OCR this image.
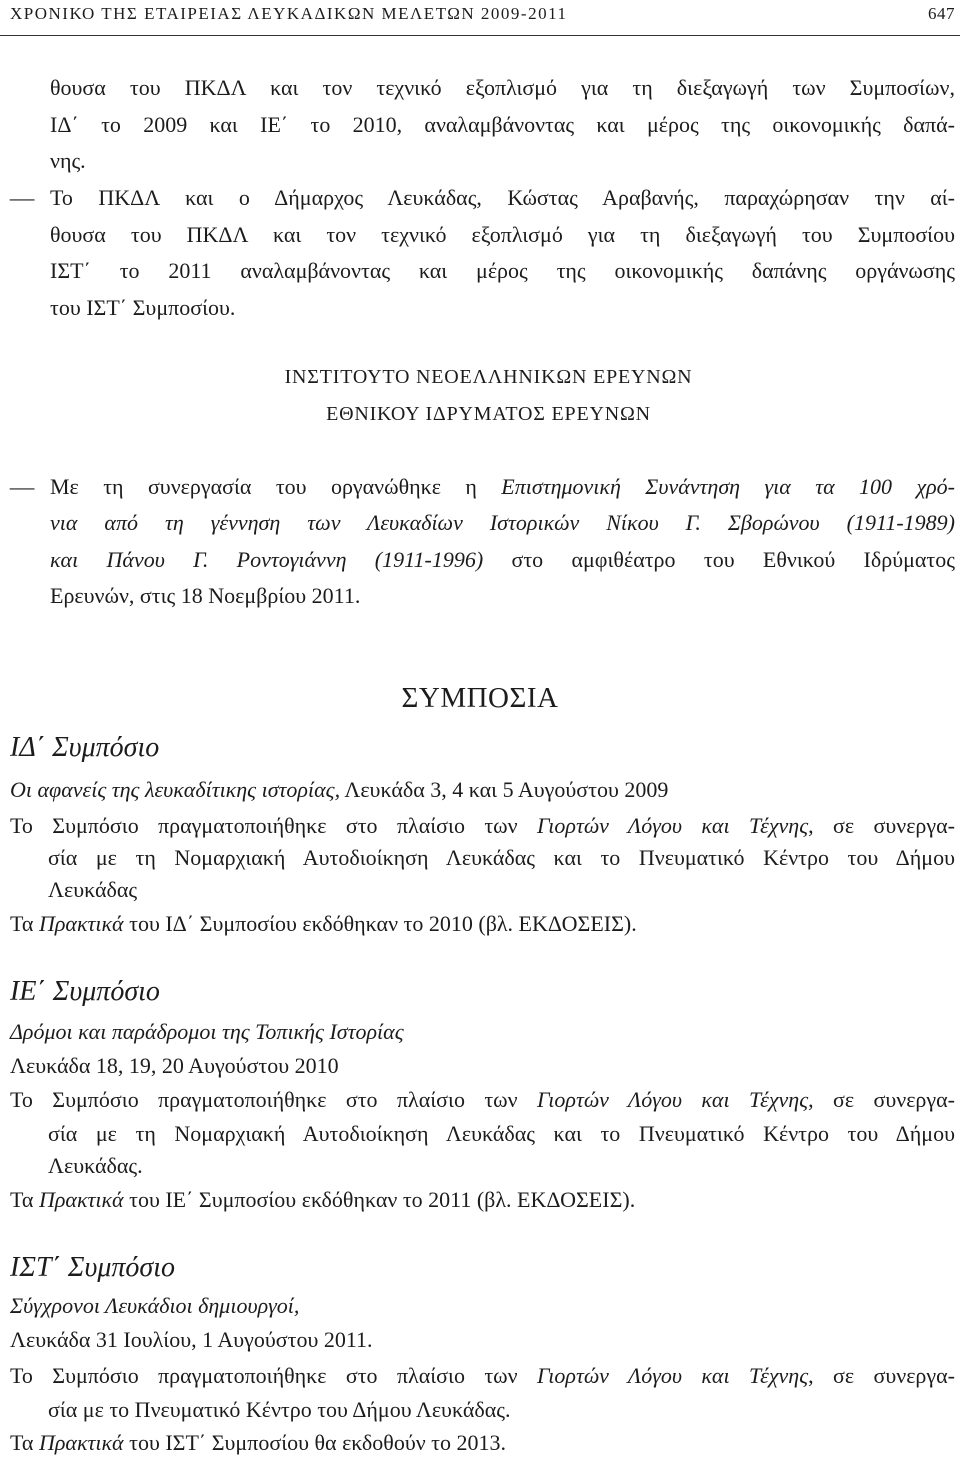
ΧΡΟΝΙΚΟ ΤΗΣ ΕΤΑΙΡΕΙΑΣ ΛΕΥΚΑΔΙΚΩΝ ΜΕΛΕΤΩΝ 2009-2011	647
θουσα του ΠΚΔΛ και τον τεχνικό εξοπλισμό για τη διεξαγωγή των Συμποσίων,
ΙΔ΄ το 2009 και ΙΕ΄ το 2010, αναλαμβάνοντας και μέρος της οικονομικής δαπά-
νης.
– Το ΠΚΔΛ και ο Δήμαρχος Λευκάδας, Κώστας Αραβανής, παραχώρησαν την αί-
θουσα του ΠΚΔΛ και τον τεχνικό εξοπλισμό για τη διεξαγωγή του Συμποσίου
ΙΣΤ΄ το 2011 αναλαμβάνοντας και μέρος της οικονομικής δαπάνης οργάνωσης
του ΙΣΤ΄ Συμποσίου.
ΙΝΣΤΙΤΟΥΤΟ ΝΕΟΕΛΛΗΝΙΚΩΝ ΕΡΕΥΝΩΝ
ΕΘΝΙΚΟΥ ΙΔΡΥΜΑΤΟΣ ΕΡΕΥΝΩΝ
– Με τη συνεργασία του οργανώθηκε η Επιστημονική Συνάντηση για τα 100 χρό-
νια από τη γέννηση των Λευκαδίων Ιστορικών Νίκου Γ. Σβορώνου (1911-1989)
και Πάνου Γ. Ροντογιάννη (1911-1996) στο αμφιθέατρο του Εθνικού Ιδρύματος
Ερευνών, στις 18 Νοεμβρίου 2011.
ΣΥΜΠΟΣΙΑ
ΙΔ΄ Συμπόσιο
Οι αφανείς της λευκαδίτικης ιστορίας, Λευκάδα 3, 4 και 5 Αυγούστου 2009
Το Συμπόσιο πραγματοποιήθηκε στο πλαίσιο των Γιορτών Λόγου και Τέχνης, σε συνεργα-
σία με τη Νομαρχιακή Αυτοδιοίκηση Λευκάδας και το Πνευματικό Κέντρο του Δήμου
Λευκάδας
Τα Πρακτικά του ΙΔ΄ Συμποσίου εκδόθηκαν το 2010 (βλ. ΕΚΔΟΣΕΙΣ).
ΙΕ΄ Συμπόσιο
Δρόμοι και παράδρομοι της Τοπικής Ιστορίας
Λευκάδα 18, 19, 20 Αυγούστου 2010
Το Συμπόσιο πραγματοποιήθηκε στο πλαίσιο των Γιορτών Λόγου και Τέχνης, σε συνεργα-
σία με τη Νομαρχιακή Αυτοδιοίκηση Λευκάδας και το Πνευματικό Κέντρο του Δήμου
Λευκάδας.
Τα Πρακτικά του ΙΕ΄ Συμποσίου εκδόθηκαν το 2011 (βλ. ΕΚΔΟΣΕΙΣ).
ΙΣΤ΄ Συμπόσιο
Σύγχρονοι Λευκάδιοι δημιουργοί,
Λευκάδα 31 Ιουλίου, 1 Αυγούστου 2011.
Το Συμπόσιο πραγματοποιήθηκε στο πλαίσιο των Γιορτών Λόγου και Τέχνης, σε συνεργα-
σία με το Πνευματικό Κέντρο του Δήμου Λευκάδας.
Τα Πρακτικά του ΙΣΤ΄ Συμποσίου θα εκδοθούν το 2013.
